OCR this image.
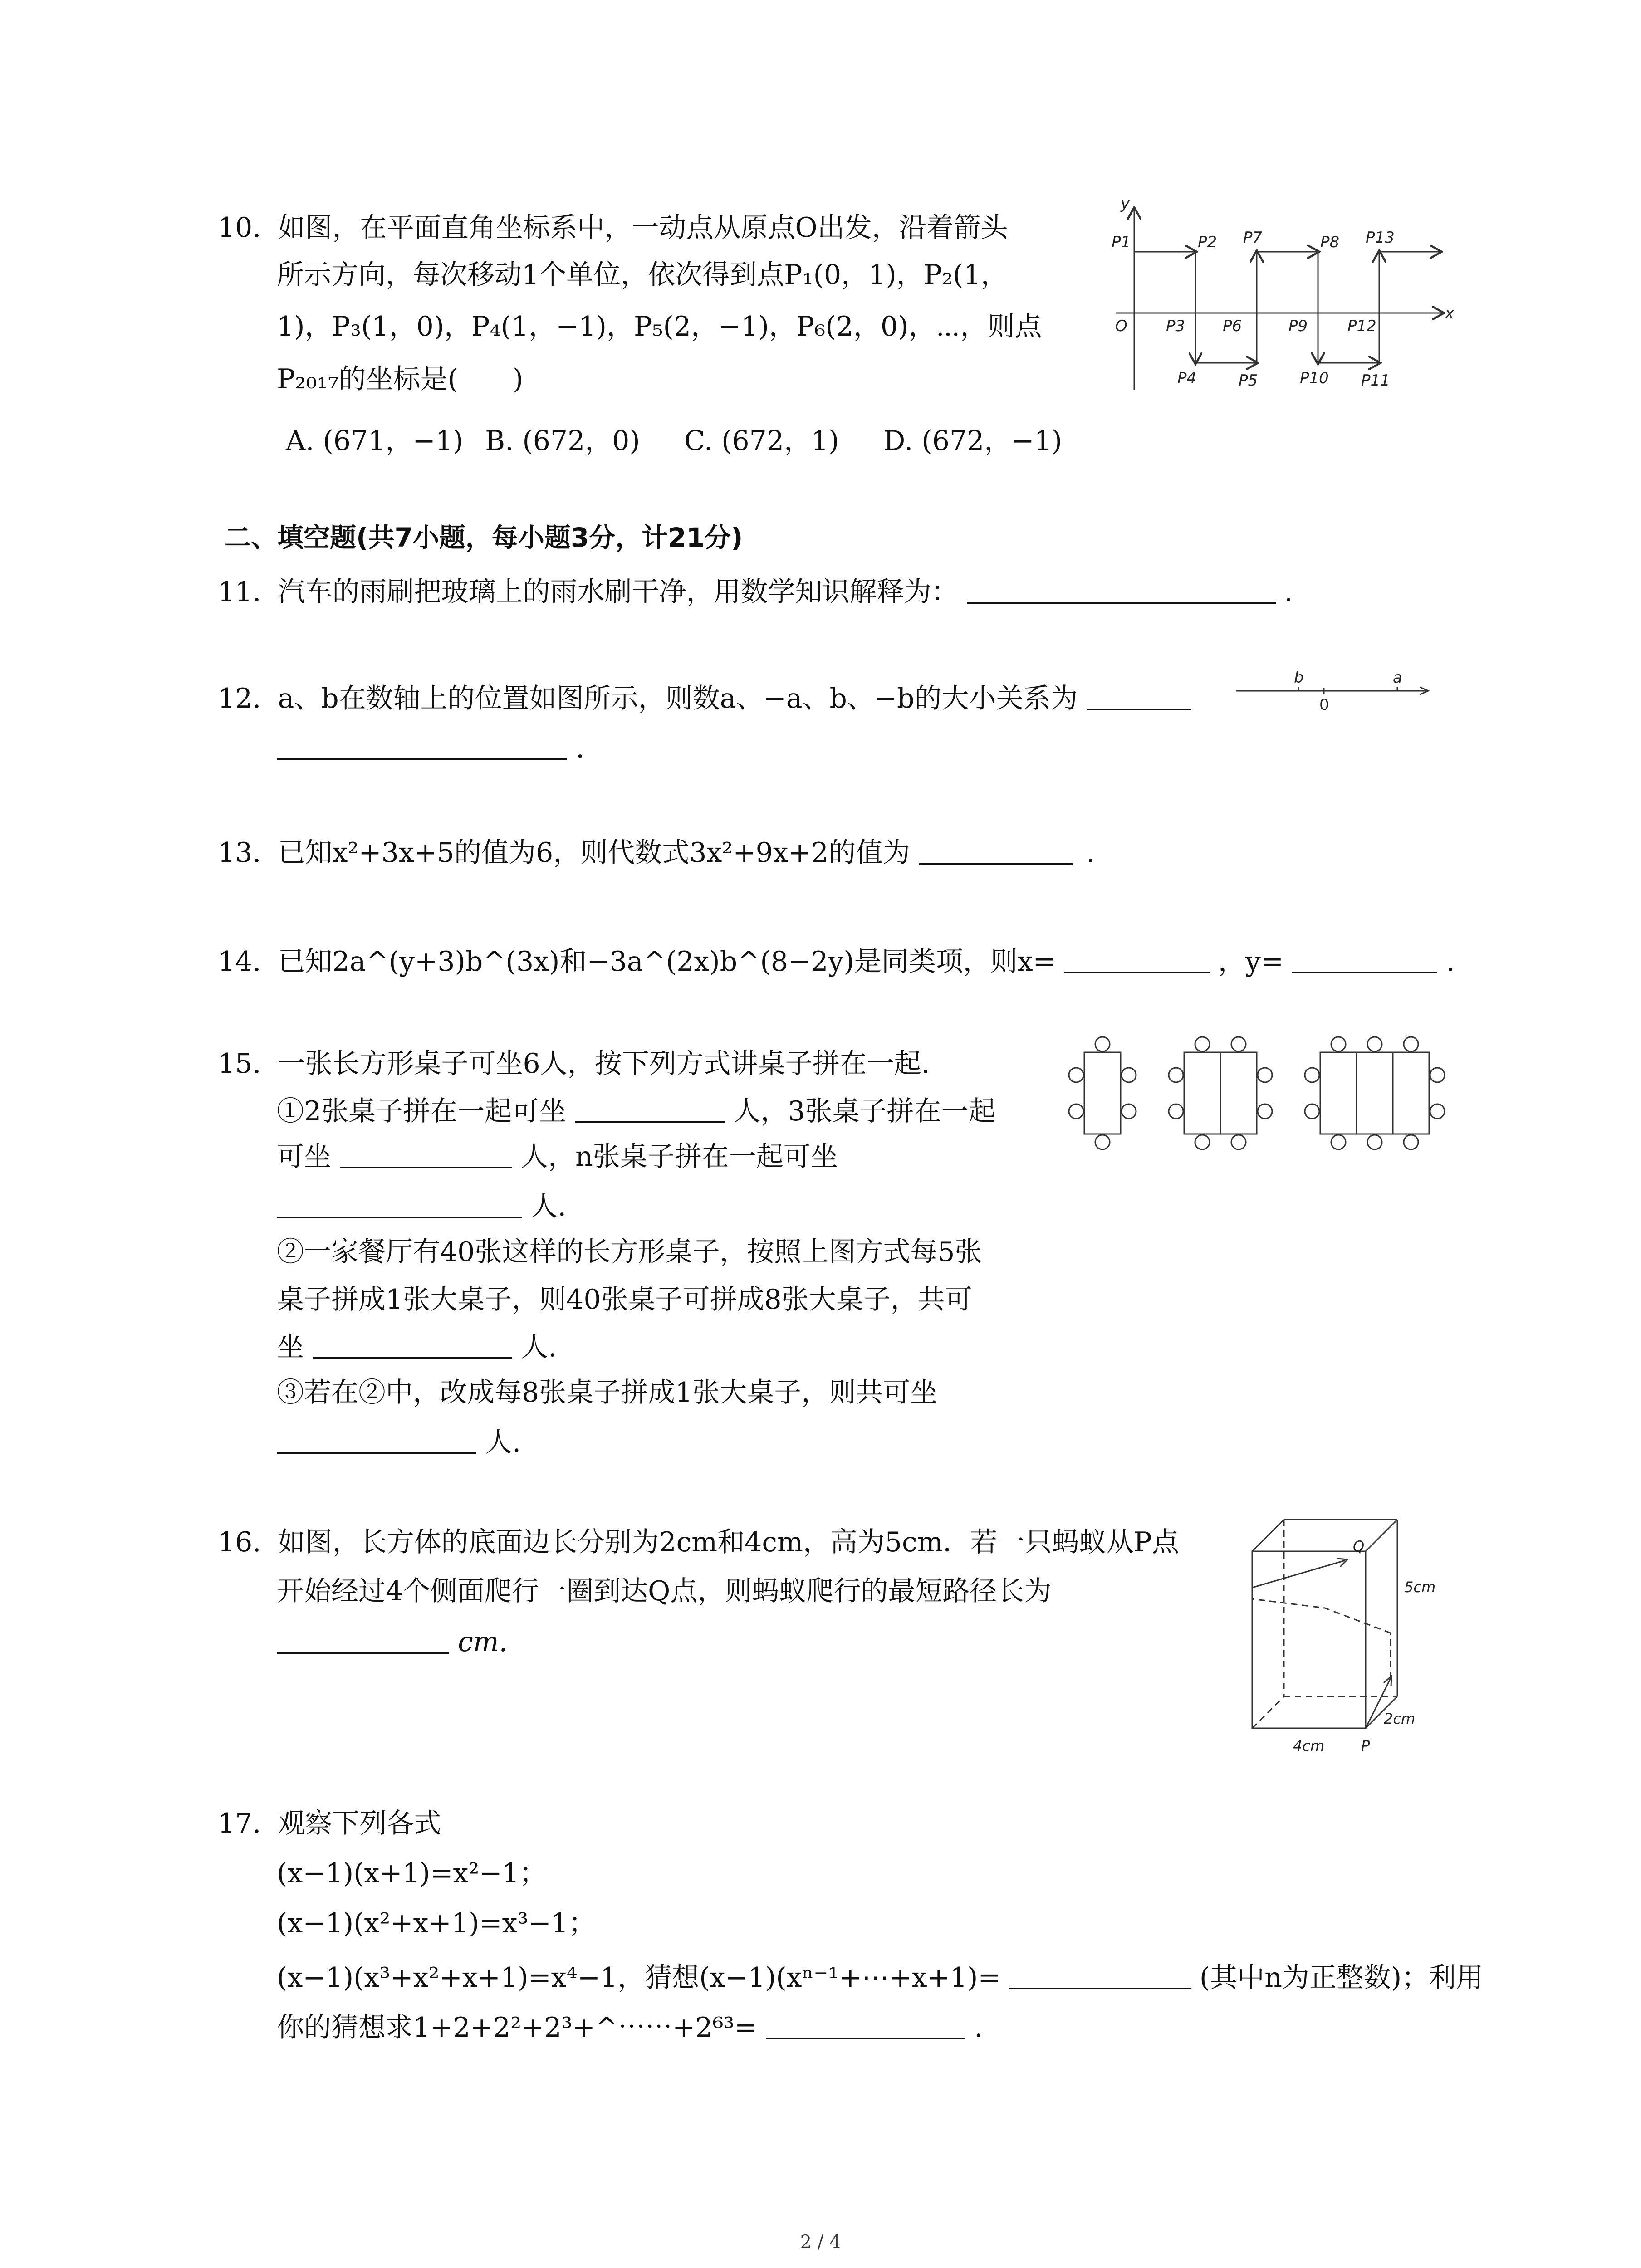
10. 如图，在平面直角坐标系中，一动点从原点O出发，沿着箭头
所示方向，每次移动1个单位，依次得到点P₁(0，1)，P₂(1，
1)，P₃(1，0)，P₄(1，−1)，P₅(2，−1)，P₆(2，0)，⋯，则点
P₂₀₁₇的坐标是(　　)
A. (671，−1) B. (672，0) C. (672，1) D. (672，−1)
y
x
O
P1	P2 P7	P8 P13
P3 P6	P9	P12
P4	P5	P10 P11
二、填空题(共7小题，每小题3分，计21分)
11. 汽车的雨刷把玻璃上的雨水刷干净，用数学知识解释为：	.
12. a、b在数轴上的位置如图所示，则数a、−a、b、−b的大小关系为
.
b
0
a
13. 已知x²+3x+5的值为6，则代数式3x²+9x+2的值为	.
14. 已知2a^(y+3)b^(3x)和−3a^(2x)b^(8−2y)是同类项，则x=	，y=	.
15. 一张长方形桌子可坐6人，按下列方式讲桌子拼在一起.
①2张桌子拼在一起可坐	人，3张桌子拼在一起
可坐	人，n张桌子拼在一起可坐
人.
②一家餐厅有40张这样的长方形桌子，按照上图方式每5张
桌子拼成1张大桌子，则40张桌子可拼成8张大桌子，共可
坐	人.
③若在②中，改成每8张桌子拼成1张大桌子，则共可坐
人.
16. 如图，长方体的底面边长分别为2cm和4cm，高为5cm．若一只蚂蚁从P点
开始经过4个侧面爬行一圈到达Q点，则蚂蚁爬行的最短路径长为
cm.
Q
P
5cm
4cm
2cm
17. 观察下列各式
(x−1)(x+1)=x²−1；
(x−1)(x²+x+1)=x³−1；
(x−1)(x³+x²+x+1)=x⁴−1，猜想(x−1)(xⁿ⁻¹+⋯+x+1)=	(其中n为正整数)；利用
你的猜想求1+2+2²+2³+^⋯⋯+2⁶³=	.
2 / 4
